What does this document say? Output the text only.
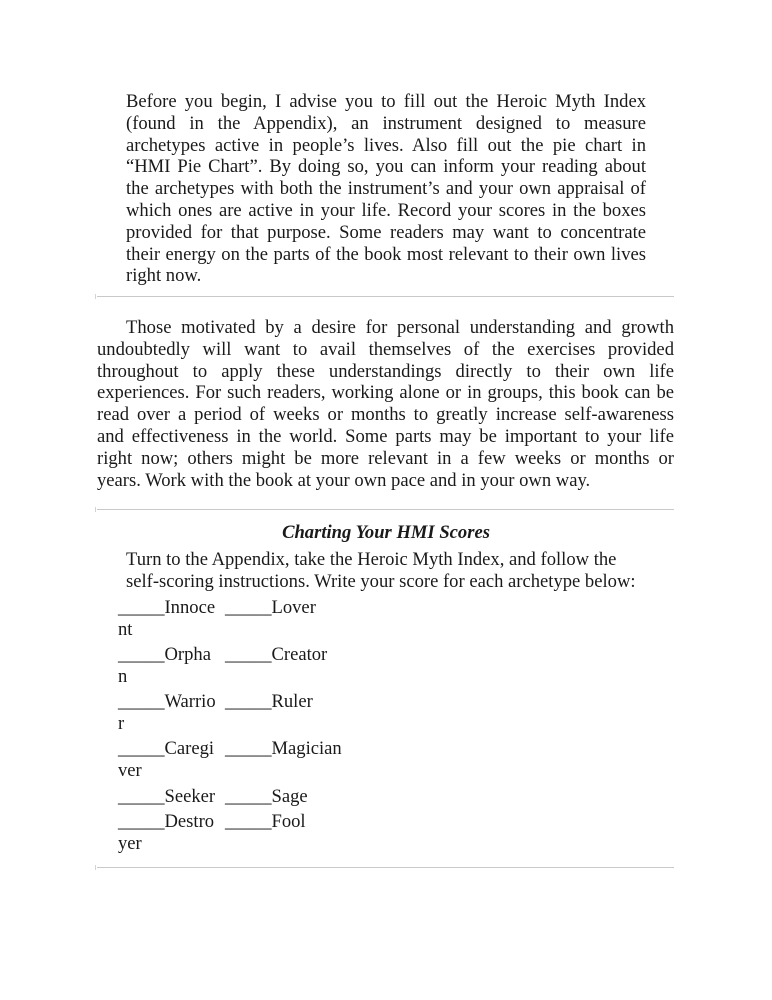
Before you begin, I advise you to fill out the Heroic Myth Index
(found in the Appendix), an instrument designed to measure
archetypes active in people’s lives. Also fill out the pie chart in
“HMI Pie Chart”. By doing so, you can inform your reading about
the archetypes with both the instrument’s and your own appraisal of
which ones are active in your life. Record your scores in the boxes
provided for that purpose. Some readers may want to concentrate
their energy on the parts of the book most relevant to their own lives
right now.
Those motivated by a desire for personal understanding and growth
undoubtedly will want to avail themselves of the exercises provided
throughout to apply these understandings directly to their own life
experiences. For such readers, working alone or in groups, this book can be
read over a period of weeks or months to greatly increase self-awareness
and effectiveness in the world. Some parts may be important to your life
right now; others might be more relevant in a few weeks or months or
years. Work with the book at your own pace and in your own way.
Charting Your HMI Scores
Turn to the Appendix, take the Heroic Myth Index, and follow the
self-scoring instructions. Write your score for each archetype below:
_____Innoce _____Lover
nt
_____Orpha _____Creator
n
_____Warrio _____Ruler
r
_____Caregi _____Magician
ver
_____Seeker _____Sage
_____Destro _____Fool
yer
